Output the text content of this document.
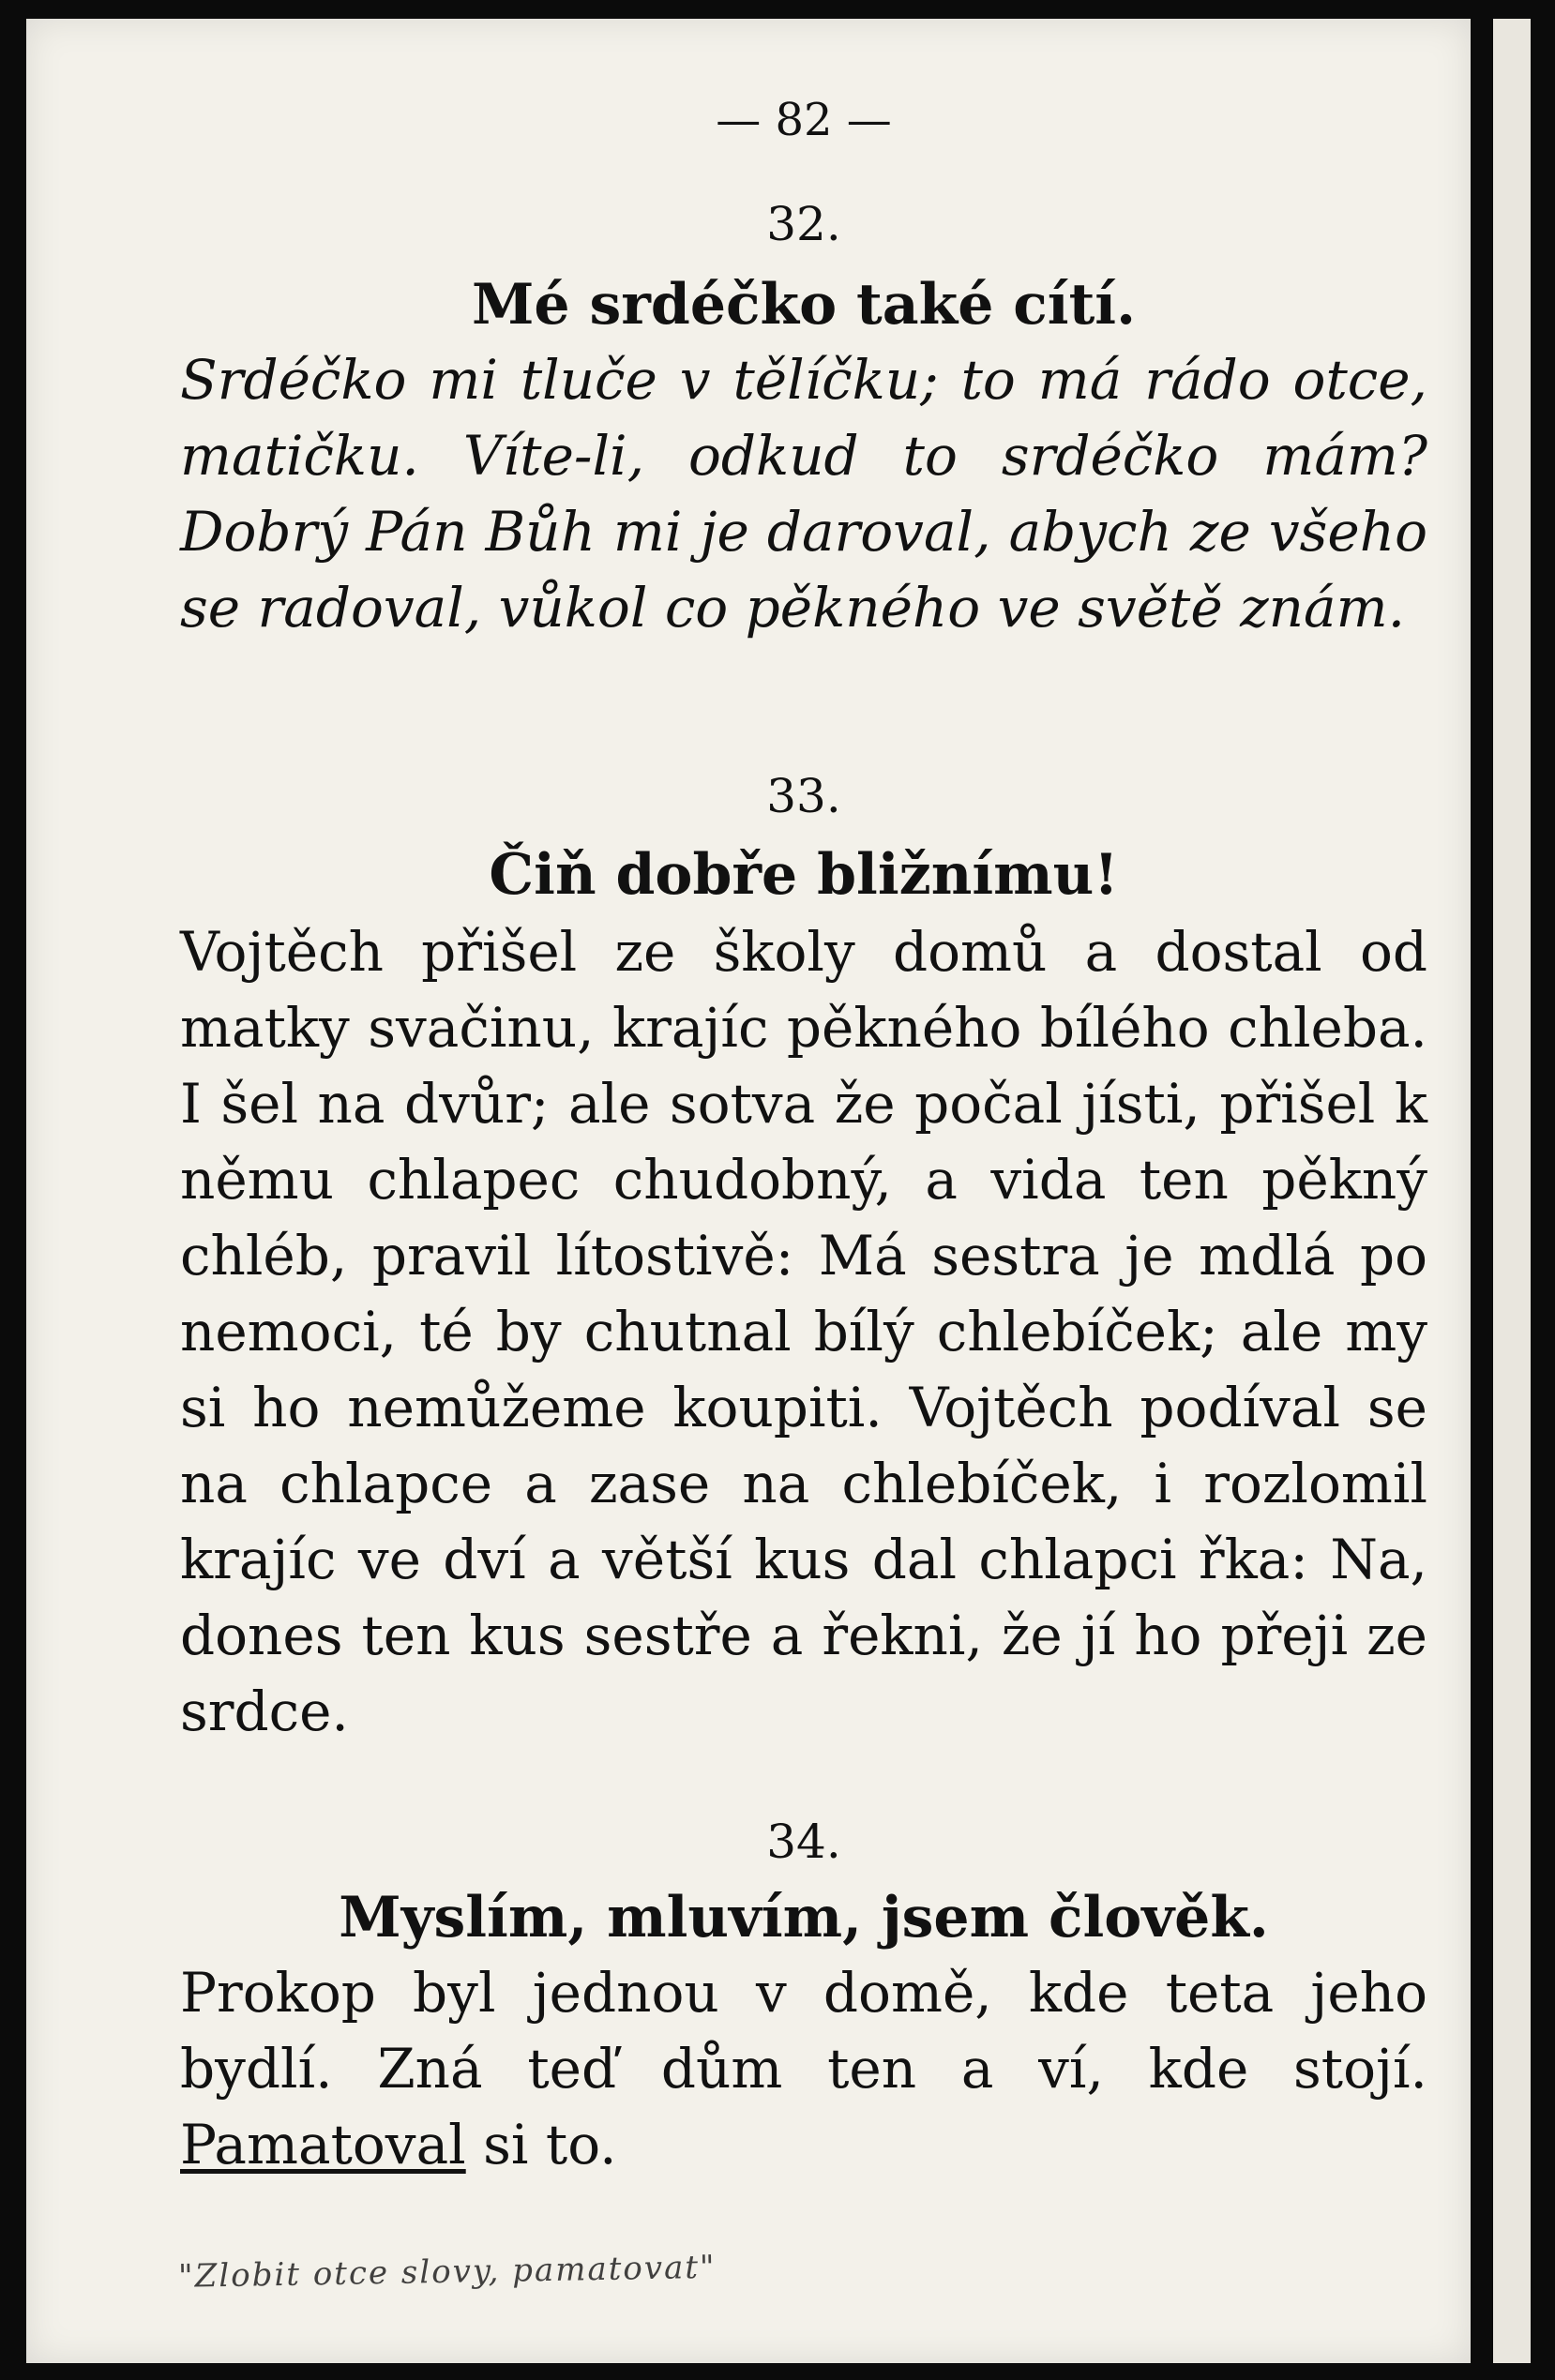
— 82 —
32.
Mé srdéčko také cítí.
Srdéčko mi tluče v tělíčku; to má rádo otce, matičku. Víte-li, odkud to srdéčko mám? Dobrý Pán Bůh mi je daroval, abych ze všeho se radoval, vůkol co pěkného ve světě znám.
33.
Čiň dobře bližnímu!
Vojtěch přišel ze školy domů a dostal od matky svačinu, krajíc pěkného bílého chleba. I šel na dvůr; ale sotva že počal jísti, přišel k němu chlapec chudobný, a vida ten pěkný chléb, pravil lítostivě: Má sestra je mdlá po nemoci, té by chutnal bílý chlebíček; ale my si ho nemůžeme koupiti. Vojtěch podíval se na chlapce a zase na chlebíček, i rozlomil krajíc ve dví a větší kus dal chlapci řka: Na, dones ten kus sestře a řekni, že jí ho přeji ze srdce.
34.
Myslím, mluvím, jsem člověk.
Prokop byl jednou v domě, kde teta jeho bydlí. Zná teď dům ten a ví, kde stojí. Pamatoval si to.
"Zlobit otce slovy, pamatovat"
